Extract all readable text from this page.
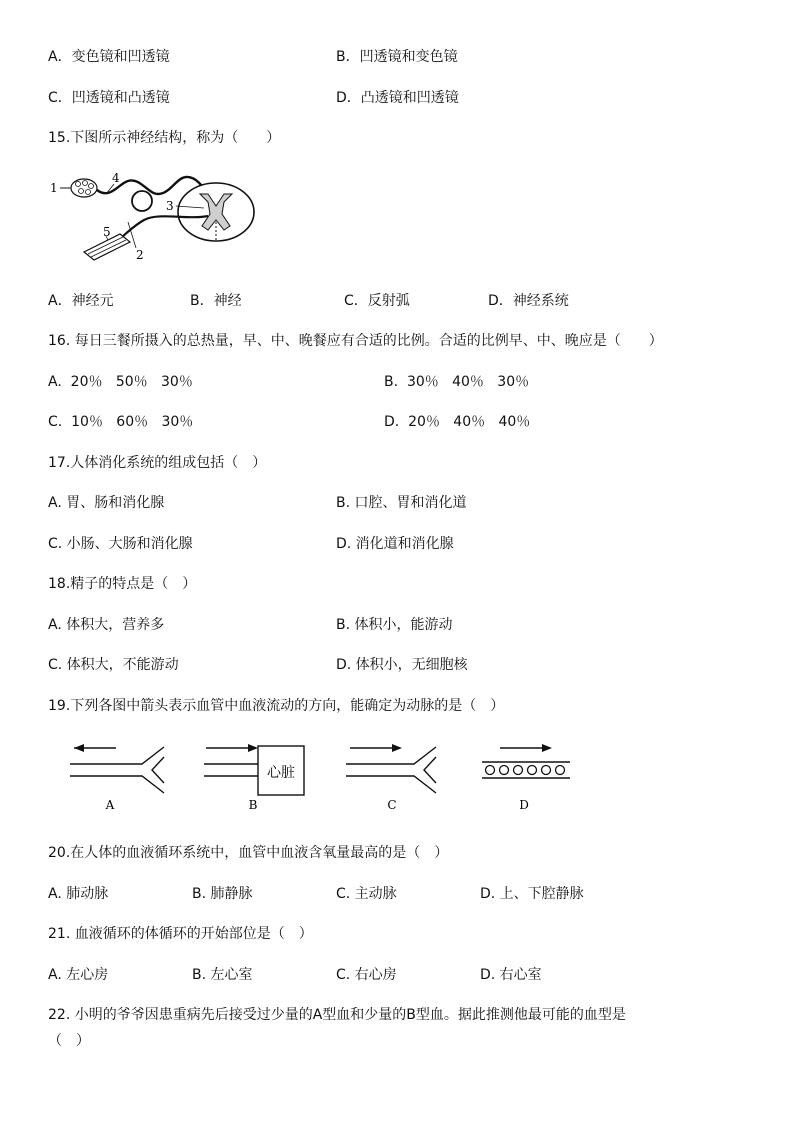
A．变色镜和凹透镜	B．凹透镜和变色镜
C．凹透镜和凸透镜	D．凸透镜和凹透镜
15.下图所示神经结构，称为（　　）
1
2
3
4
5
A．神经元	B．神经	C．反射弧	D．神经系统
16. 每日三餐所摄入的总热量，早、中、晚餐应有合适的比例。合适的比例早、中、晚应是（　　）
A.  20％   50％   30％	B.  30％   40％   30％
C.  10％   60％   30％	D.  20％   40％   40％
17.人体消化系统的组成包括（　）
A. 胃、肠和消化腺	B. 口腔、胃和消化道
C. 小肠、大肠和消化腺	D. 消化道和消化腺
18.精子的特点是（　）
A. 体积大，营养多	B. 体积小，能游动
C. 体积大，不能游动	D. 体积小，无细胞核
19.下列各图中箭头表示血管中血液流动的方向，能确定为动脉的是（　）
A
心脏
B	C	D
20.在人体的血液循环系统中，血管中血液含氧量最高的是（　）
A. 肺动脉	B. 肺静脉	C. 主动脉	D. 上、下腔静脉
21. 血液循环的体循环的开始部位是（　）
A. 左心房	B. 左心室	C. 右心房	D. 右心室
22. 小明的爷爷因患重病先后接受过少量的A型血和少量的B型血。据此推测他最可能的血型是
（　）
